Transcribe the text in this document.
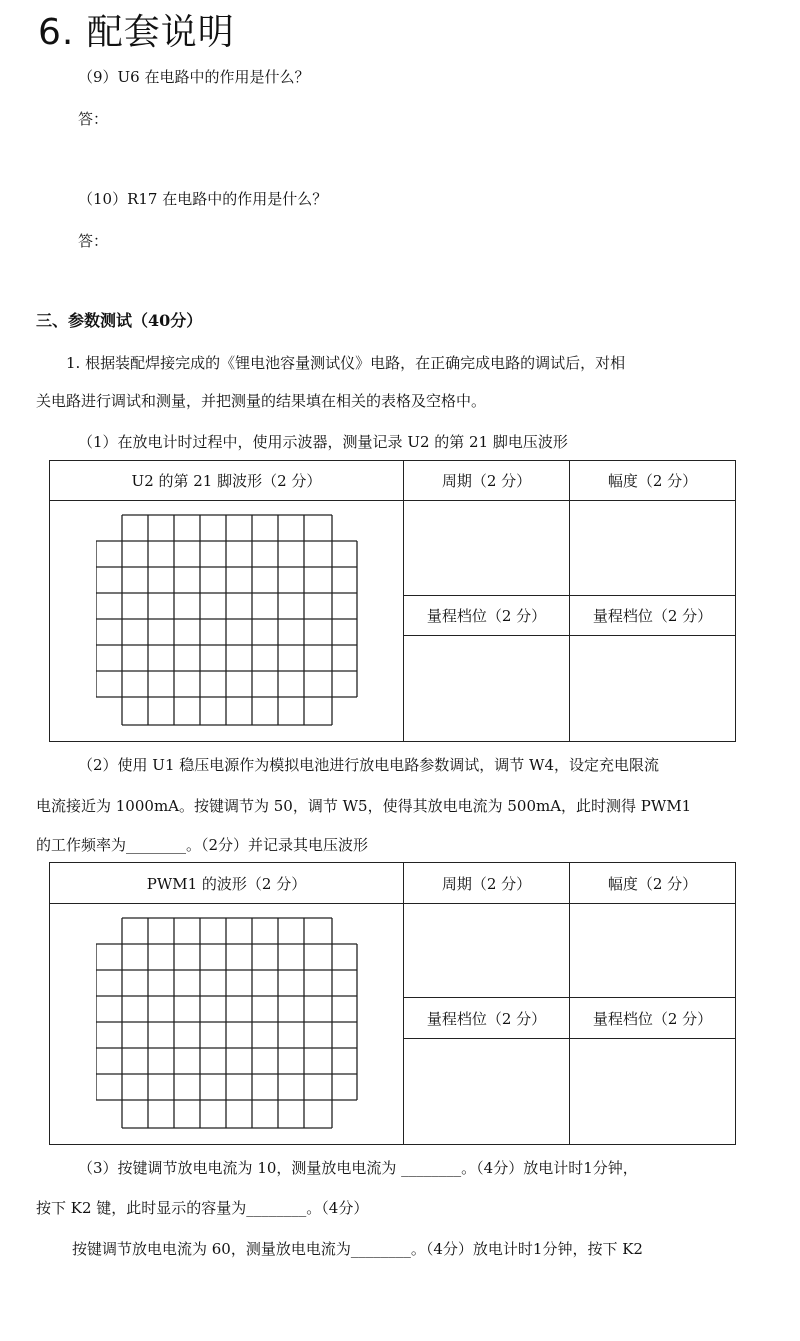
6. 配套说明
（9）U6 在电路中的作用是什么？
答：
（10）R17 在电路中的作用是什么？
答：
三、参数测试（40分）
1. 根据装配焊接完成的《锂电池容量测试仪》电路，在正确完成电路的调试后，对相
关电路进行调试和测量，并把测量的结果填在相关的表格及空格中。
（1）在放电计时过程中，使用示波器，测量记录 U2 的第 21 脚电压波形
U2 的第 21 脚波形（2 分）	周期（2 分）	幅度（2 分）

	量程档位（2 分）	量程档位（2 分）

（2）使用 U1 稳压电源作为模拟电池进行放电电路参数调试，调节 W4，设定充电限流
电流接近为 1000mA。按键调节为 50，调节 W5，使得其放电电流为 500mA，此时测得 PWM1
的工作频率为________。（2分）并记录其电压波形
PWM1 的波形（2 分）	周期（2 分）	幅度（2 分）

	量程档位（2 分）	量程档位（2 分）

（3）按键调节放电电流为 10，测量放电电流为 ________。（4分）放电计时1分钟，
按下 K2 键，此时显示的容量为________。（4分）
按键调节放电电流为 60，测量放电电流为________。（4分）放电计时1分钟，按下 K2
